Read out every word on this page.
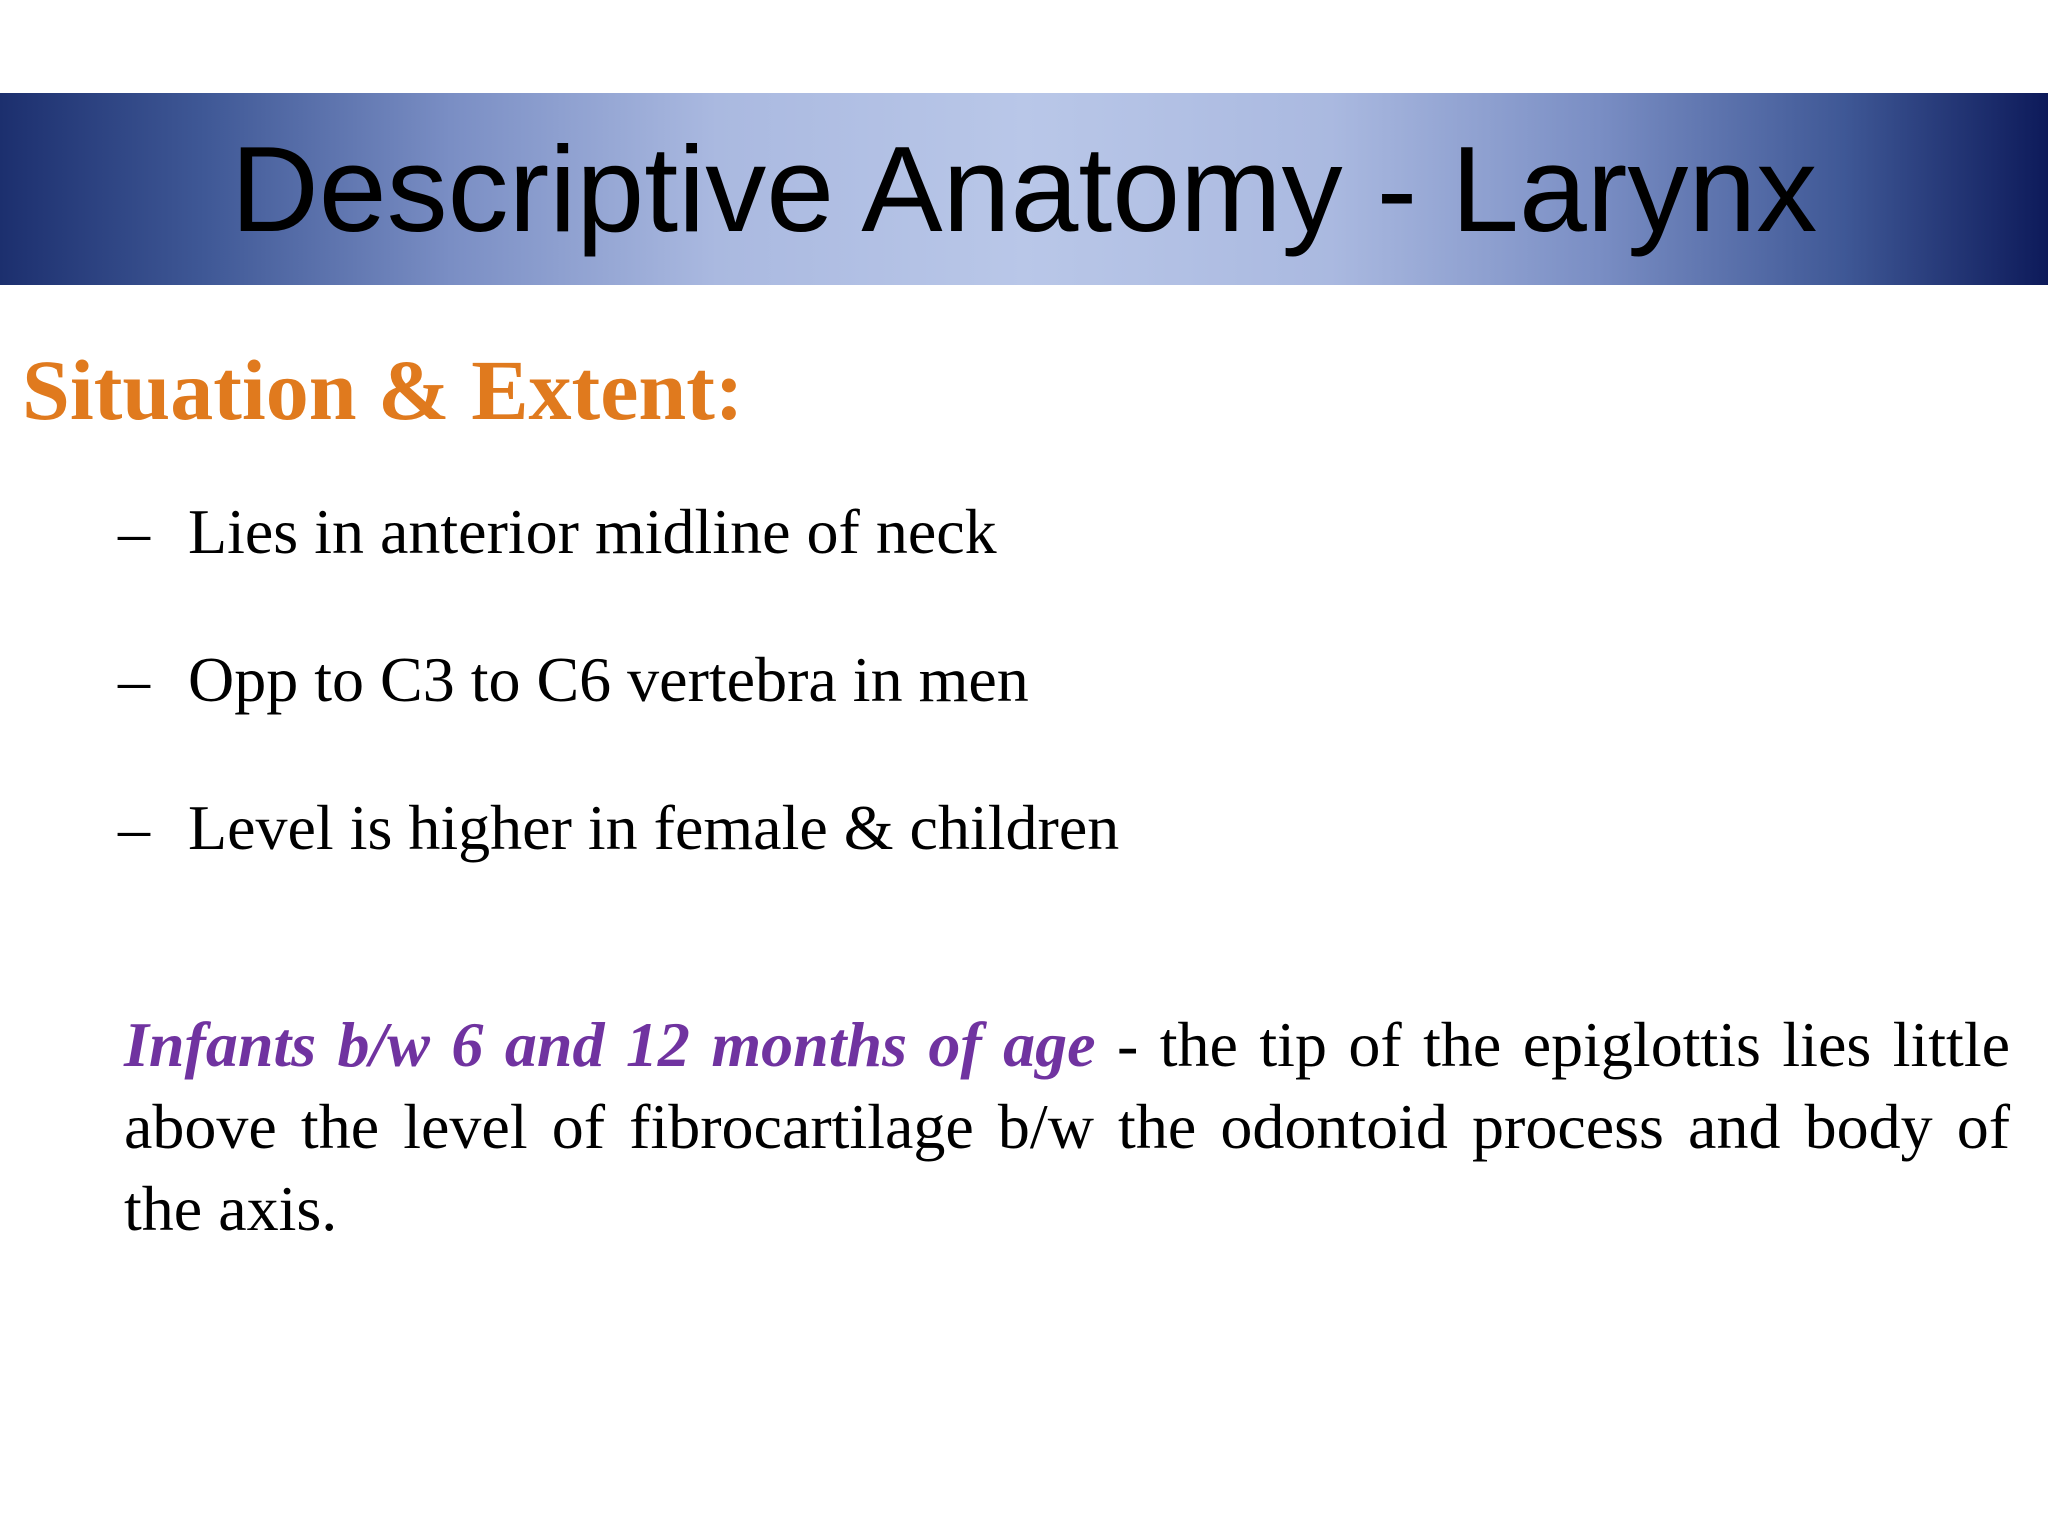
Descriptive Anatomy - Larynx
Situation & Extent:
– Lies in anterior midline of neck
– Opp to C3 to C6 vertebra in men
– Level is higher in female & children

Infants b/w 6 and 12 months of age - the tip of the epiglottis lies little above the level of fibrocartilage b/w the odontoid process and body of the axis.
